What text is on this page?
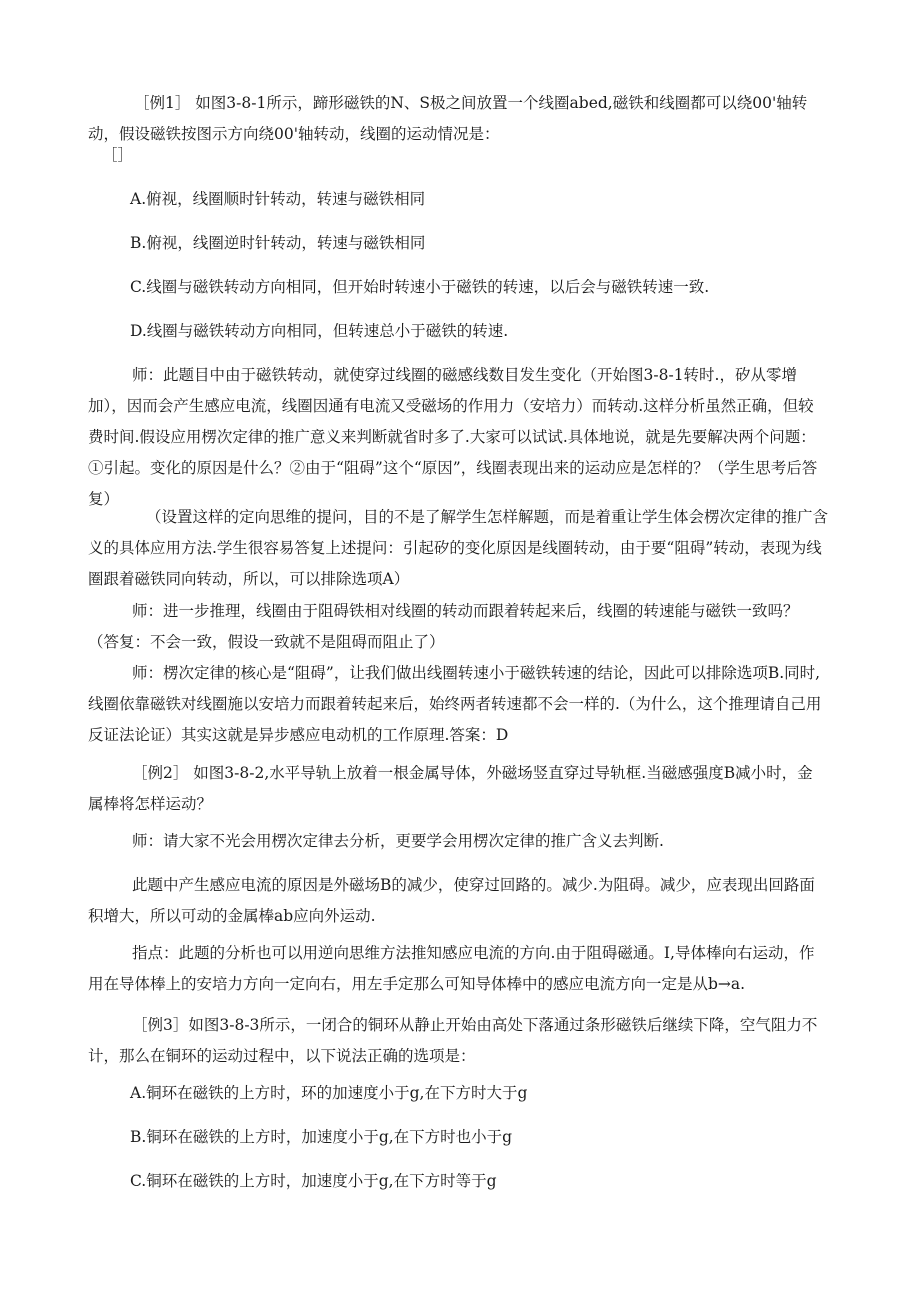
［例1］ 如图3-8-1所示，蹄形磁铁的N、S极之间放置一个线圈abed,磁铁和线圈都可以绕00'轴转动，假设磁铁按图示方向绕00'轴转动，线圈的运动情况是：

［］

A.俯视，线圈顺时针转动，转速与磁铁相同

B.俯视，线圈逆时针转动，转速与磁铁相同

C.线圈与磁铁转动方向相同，但开始时转速小于磁铁的转速，以后会与磁铁转速一致.

D.线圈与磁铁转动方向相同，但转速总小于磁铁的转速.

师：此题目中由于磁铁转动，就使穿过线圈的磁感线数目发生变化（开始图3-8-1转时.，矽从零增加），因而会产生感应电流，线圈因通有电流又受磁场的作用力（安培力）而转动.这样分析虽然正确，但较费时间.假设应用楞次定律的推广意义来判断就省时多了.大家可以试试.具体地说，就是先要解决两个问题：①引起。变化的原因是什么？②由于“阻碍”这个“原因”，线圈表现出来的运动应是怎样的？（学生思考后答复）

（设置这样的定向思维的提问，目的不是了解学生怎样解题，而是着重让学生体会楞次定律的推广含义的具体应用方法.学生很容易答复上述提问：引起矽的变化原因是线圈转动，由于要“阻碍”转动，表现为线圈跟着磁铁同向转动，所以，可以排除选项A）

师：进一步推理，线圈由于阻碍铁相对线圈的转动而跟着转起来后，线圈的转速能与磁铁一致吗？（答复：不会一致，假设一致就不是阻碍而阻止了）

师：楞次定律的核心是“阻碍”，让我们做出线圈转速小于磁铁转速的结论，因此可以排除选项B.同时,线圈依靠磁铁对线圈施以安培力而跟着转起来后，始终两者转速都不会一样的.（为什么，这个推理请自己用反证法论证）其实这就是异步感应电动机的工作原理.答案：D

［例2］ 如图3-8-2,水平导轨上放着一根金属导体，外磁场竖直穿过导轨框.当磁感强度B减小时，金属棒将怎样运动？

师：请大家不光会用楞次定律去分析，更要学会用楞次定律的推广含义去判断.

此题中产生感应电流的原因是外磁场B的减少，使穿过回路的。减少.为阻碍。减少，应表现出回路面积增大，所以可动的金属棒ab应向外运动.

指点：此题的分析也可以用逆向思维方法推知感应电流的方向.由于阻碍磁通。I,导体棒向右运动，作用在导体棒上的安培力方向一定向右，用左手定那么可知导体棒中的感应电流方向一定是从b→a.

［例3］如图3-8-3所示，一闭合的铜环从静止开始由高处下落通过条形磁铁后继续下降，空气阻力不计，那么在铜环的运动过程中，以下说法正确的选项是：

A.铜环在磁铁的上方时，环的加速度小于g,在下方时大于g

B.铜环在磁铁的上方时，加速度小于g,在下方时也小于g

C.铜环在磁铁的上方时，加速度小于g,在下方时等于g
